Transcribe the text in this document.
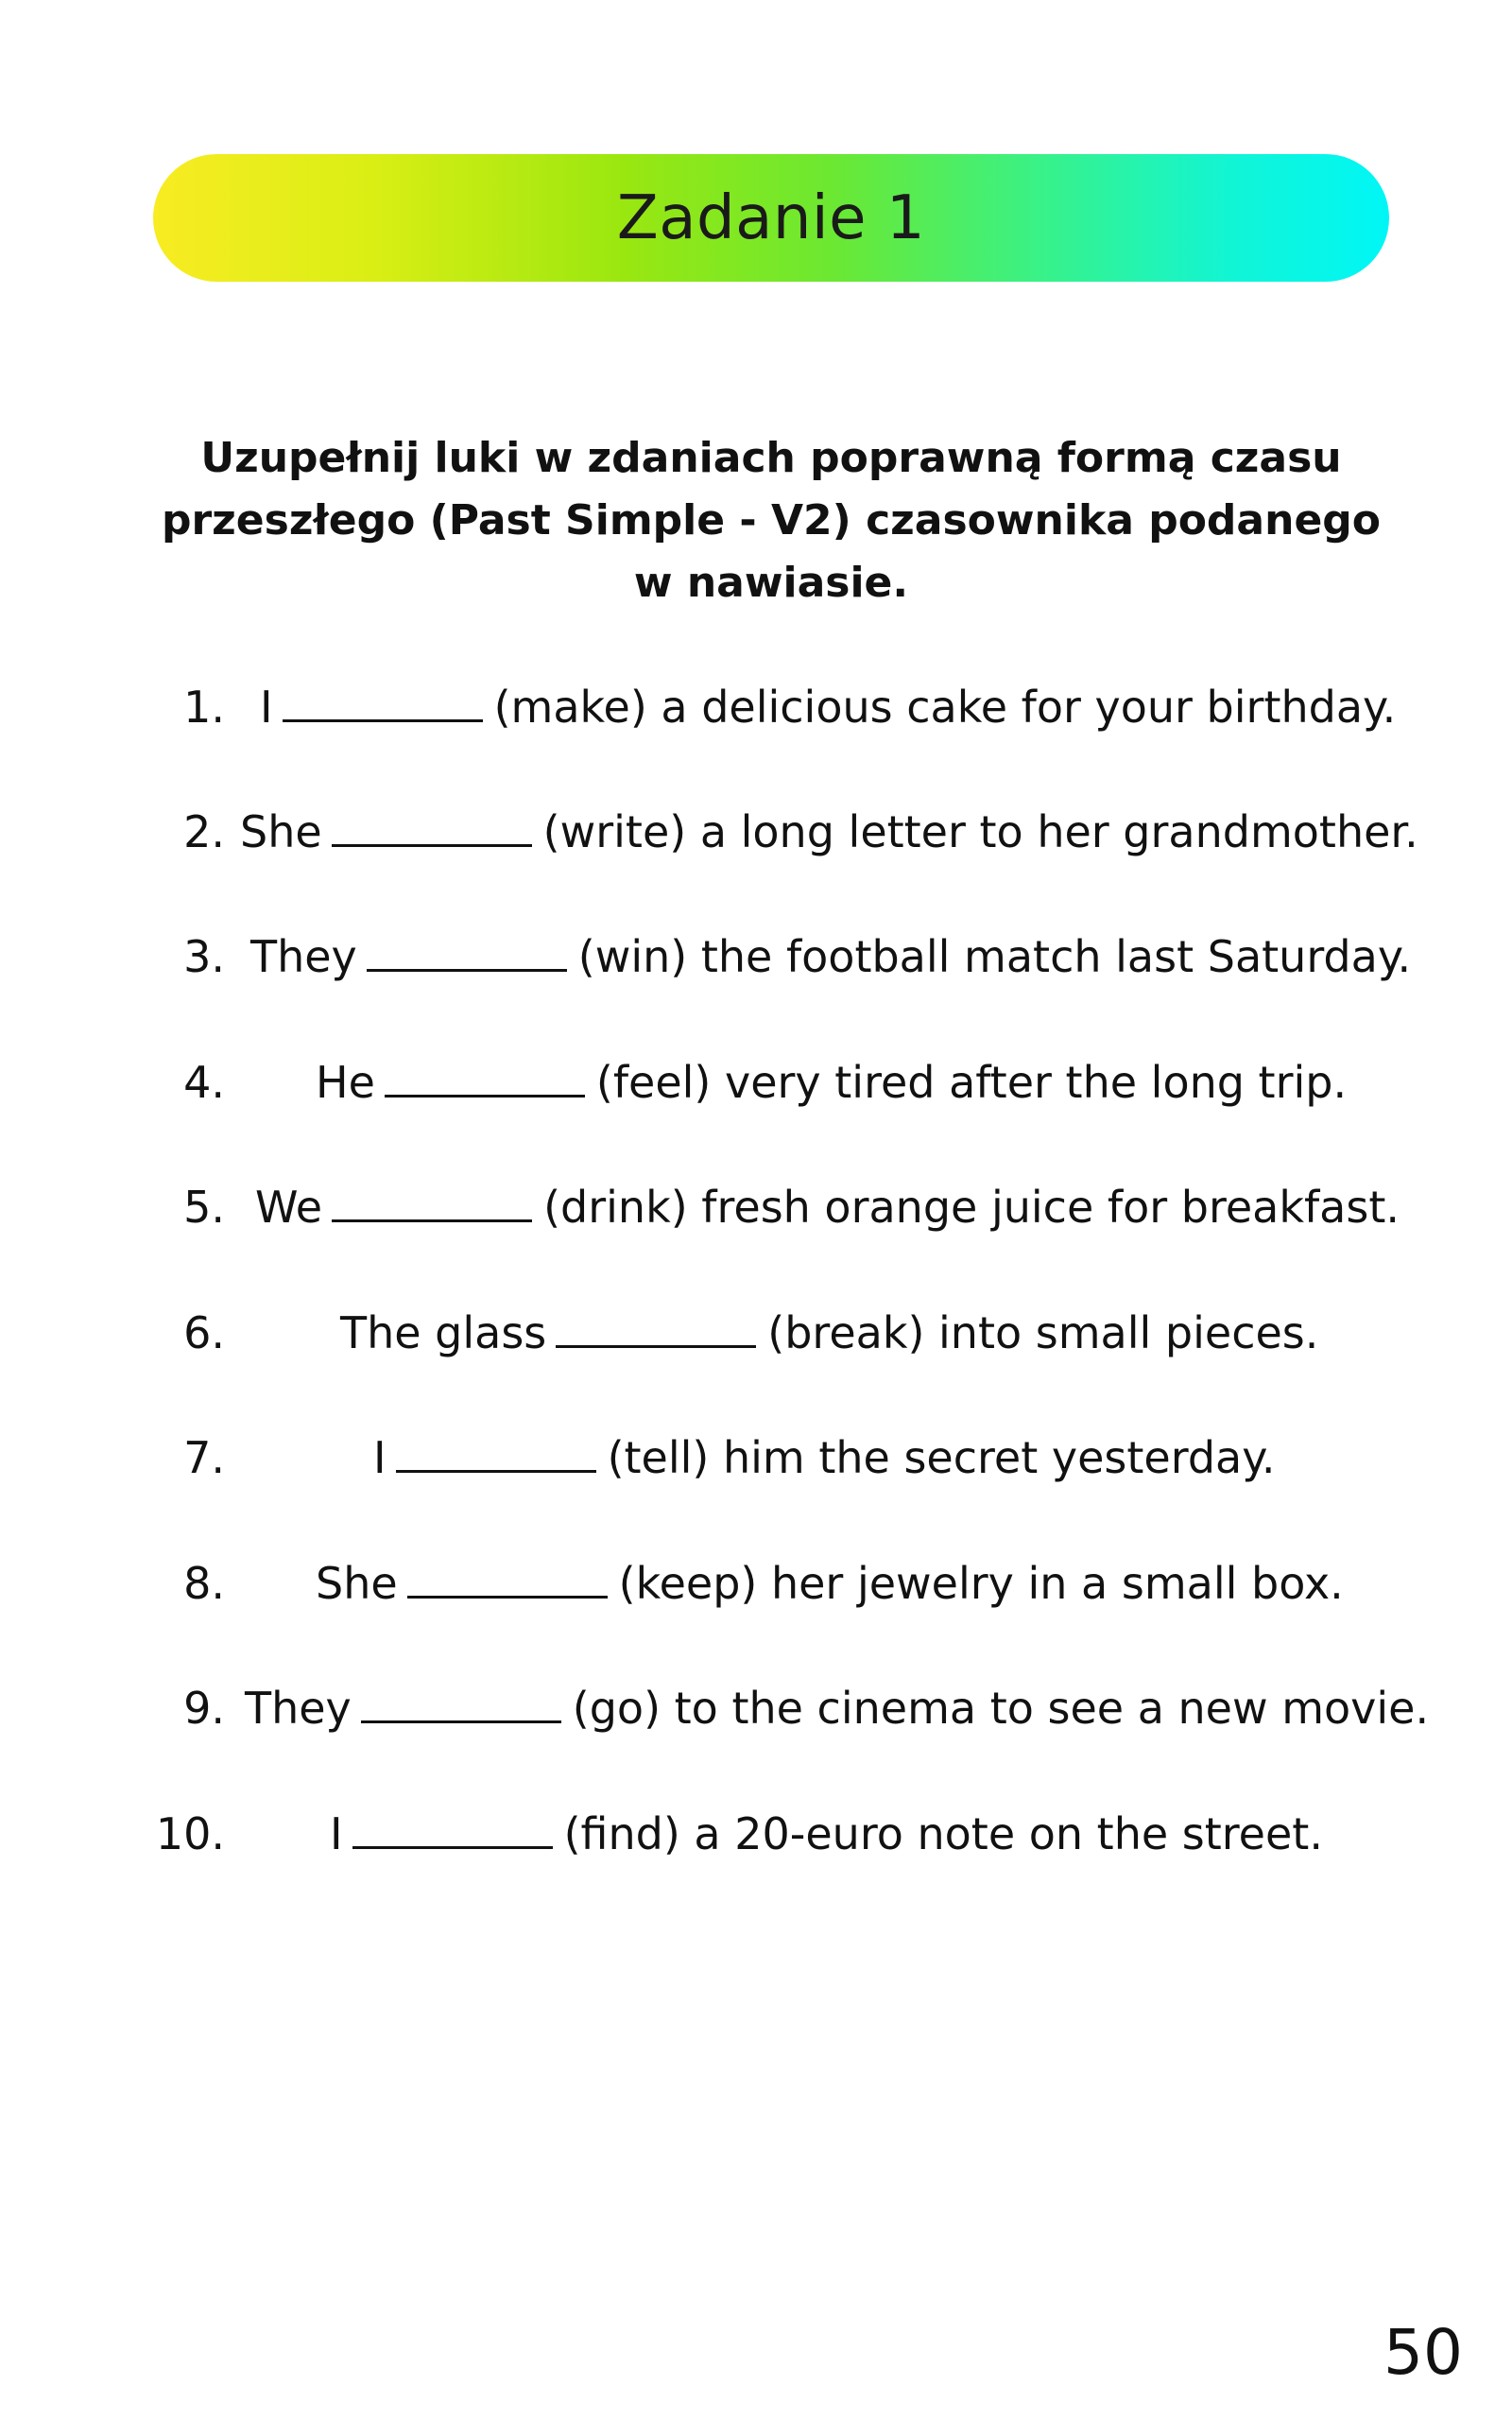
Zadanie 1
Uzupełnij luki w zdaniach poprawną formą czasu przeszłego (Past Simple - V2) czasownika podanego w nawiasie.
1. I	(make) a delicious cake for your birthday.
2. She	(write) a long letter to her grandmother.
3. They	(win) the football match last Saturday.
4. He	(feel) very tired after the long trip.
5. We	(drink) fresh orange juice for breakfast.
6.	The glass	(break) into small pieces.
7.	I	(tell) him the secret yesterday.
8. She	(keep) her jewelry in a small box.
9. They	(go) to the cinema to see a new movie.
10. I	(find) a 20-euro note on the street.
50
